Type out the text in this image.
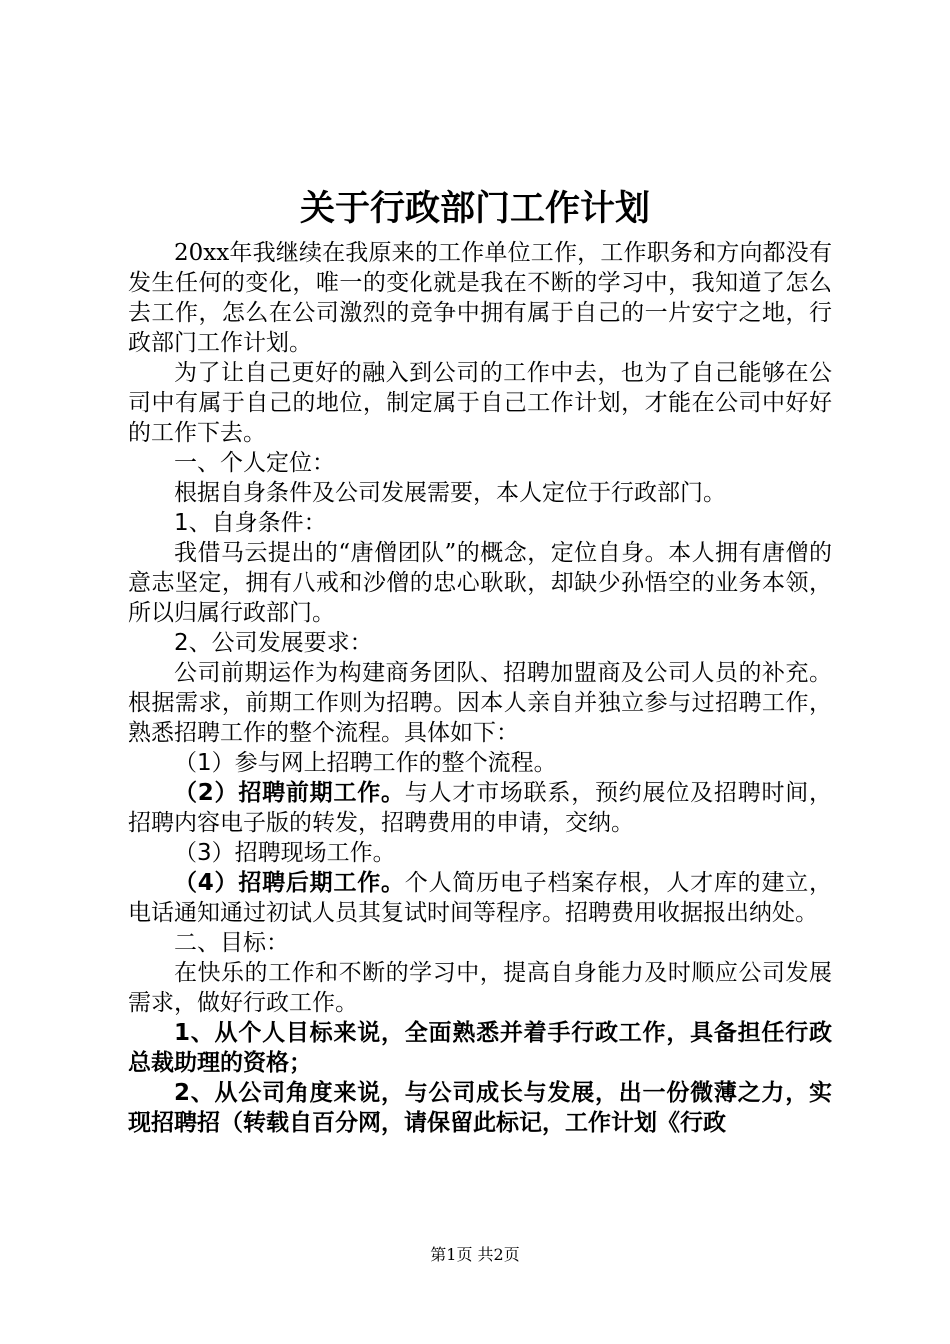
关于行政部门工作计划

20xx年我继续在我原来的工作单位工作，工作职务和方向都没有发生任何的变化，唯一的变化就是我在不断的学习中，我知道了怎么去工作，怎么在公司激烈的竞争中拥有属于自己的一片安宁之地，行政部门工作计划。

为了让自己更好的融入到公司的工作中去，也为了自己能够在公司中有属于自己的地位，制定属于自己工作计划，才能在公司中好好的工作下去。

一、个人定位：

根据自身条件及公司发展需要，本人定位于行政部门。

1、自身条件：

我借马云提出的“唐僧团队”的概念，定位自身。本人拥有唐僧的意志坚定，拥有八戒和沙僧的忠心耿耿，却缺少孙悟空的业务本领，所以归属行政部门。

2、公司发展要求：

公司前期运作为构建商务团队、招聘加盟商及公司人员的补充。根据需求，前期工作则为招聘。因本人亲自并独立参与过招聘工作，熟悉招聘工作的整个流程。具体如下：

（1）参与网上招聘工作的整个流程。

（2）招聘前期工作。与人才市场联系，预约展位及招聘时间，招聘内容电子版的转发，招聘费用的申请，交纳。

（3）招聘现场工作。

（4）招聘后期工作。个人简历电子档案存根，人才库的建立，电话通知通过初试人员其复试时间等程序。招聘费用收据报出纳处。

二、目标：

在快乐的工作和不断的学习中，提高自身能力及时顺应公司发展需求，做好行政工作。

1、从个人目标来说，全面熟悉并着手行政工作，具备担任行政总裁助理的资格；

2、从公司角度来说，与公司成长与发展，出一份微薄之力，实现招聘招（转载自百分网，请保留此标记，工作计划《行政

第1页 共2页
